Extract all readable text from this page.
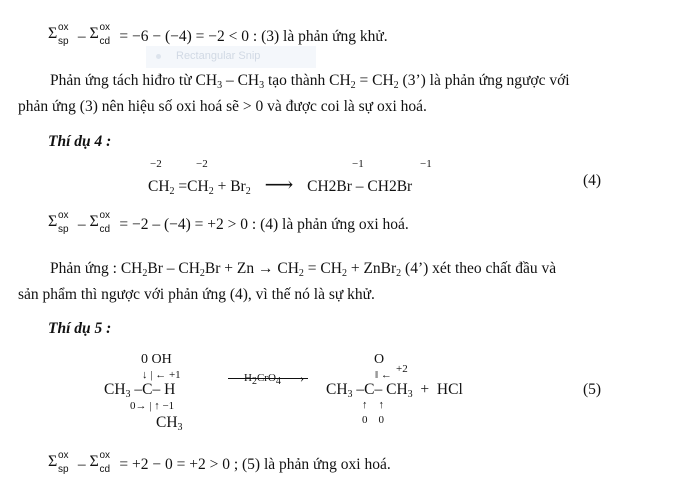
Rectangular Snip
Σ ox
sp – Σ ox
cd = −6 − (−4) = −2 < 0 : (3) là phản ứng khử.
Phản ứng tách hiđro từ $CH_3 - CH_3$ tạo thành $CH_2 = CH_2$ (3’) là phản ứng ngược với
phản ứng (3) nên hiệu số oxi hoá sẽ > 0 và được coi là sự oxi hoá.
Thí dụ 4 :
−2	−2	−1	−1
$CH_2 =CH_2 + Br_2$ ⟶ CH2Br – CH2Br	(4)
Σ ox
sp – Σ ox
cd = −2 – (−4) = +2 > 0 : (4) là phản ứng oxi hoá.
Phản ứng : $CH_2Br - CH_2Br + Zn \to CH_2 = CH_2$ + ZnBr$_2$ (4’) xét theo chất đầu và
sản phẩm thì ngược với phản ứng (4), vì thế nó là sự khử.
Thí dụ 5 :
0 OH
↓ | ← +1
$CH_3$ –C– H
0→ | ↑ −1
$CH_3$
$H_2CrO_4$ ›
O
‖ ← +2
$CH_3$ –C– $CH_3$  +  HCl
↑    ↑
0    0
(5)
Σ ox
sp – Σ ox
cd = +2 − 0 = +2 > 0 ; (5) là phản ứng oxi hoá.
